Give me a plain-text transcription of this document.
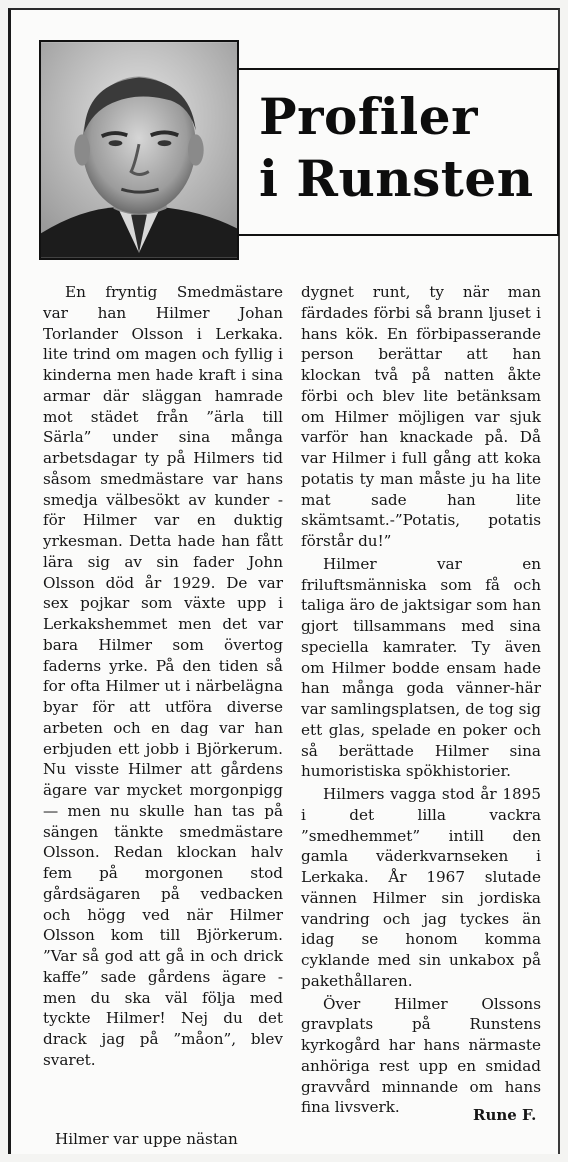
Profiler
i Runsten

En fryntig Smedmästare var han Hilmer Johan Torlander Olsson i Lerkaka. lite trind om magen och fyllig i kinderna men hade kraft i sina armar där släggan hamrade mot städet från ”ärla till Särla” under sina många arbetsdagar ty på Hilmers tid såsom smedmästare var hans smedja välbesökt av kunder - för Hilmer var en duktig yrkesman. Detta hade han fått lära sig av sin fader John Olsson död år 1929. De var sex pojkar som växte upp i Lerkakshemmet men det var bara Hilmer som övertog faderns yrke. På den tiden så for ofta Hilmer ut i närbelägna byar för att utföra diverse arbeten och en dag var han erbjuden ett jobb i Björkerum. Nu visste Hilmer att gårdens ägare var mycket morgonpigg — men nu skulle han tas på sängen tänkte smedmästare Olsson. Redan klockan halv fem på morgonen stod gårdsägaren på vedbacken och högg ved när Hilmer Olsson kom till Björkerum. ”Var så god att gå in och drick kaffe” sade gårdens ägare -men du ska väl följa med tyckte Hilmer! Nej du det drack jag på ”måon”, blev svaret.

dygnet runt, ty när man färdades förbi så brann ljuset i hans kök. En förbipasserande person berättar att han klockan två på natten åkte förbi och blev lite betänksam om Hilmer möjligen var sjuk varför han knackade på. Då var Hilmer i full gång att koka potatis ty man måste ju ha lite mat sade han lite skämtsamt.-”Potatis, potatis förstår du!”

Hilmer var en friluftsmänniska som få och taliga äro de jaktsigar som han gjort tillsammans med sina speciella kamrater. Ty även om Hilmer bodde ensam hade han många goda vänner-här var samlingsplatsen, de tog sig ett glas, spelade en poker och så berättade Hilmer sina humoristiska spökhistorier.

Hilmers vagga stod år 1895 i det lilla vackra ”smedhemmet” intill den gamla väderkvarnseken i Lerkaka. År 1967 slutade vännen Hilmer sin jordiska vandring och jag tyckes än idag se honom komma cyklande med sin unkabox på pakethållaren.

Över Hilmer Olssons gravplats på Runstens kyrkogård har hans närmaste anhöriga rest upp en smidad gravvård minnande om hans fina livsverk.

Hilmer var uppe nästan
Rune F.
